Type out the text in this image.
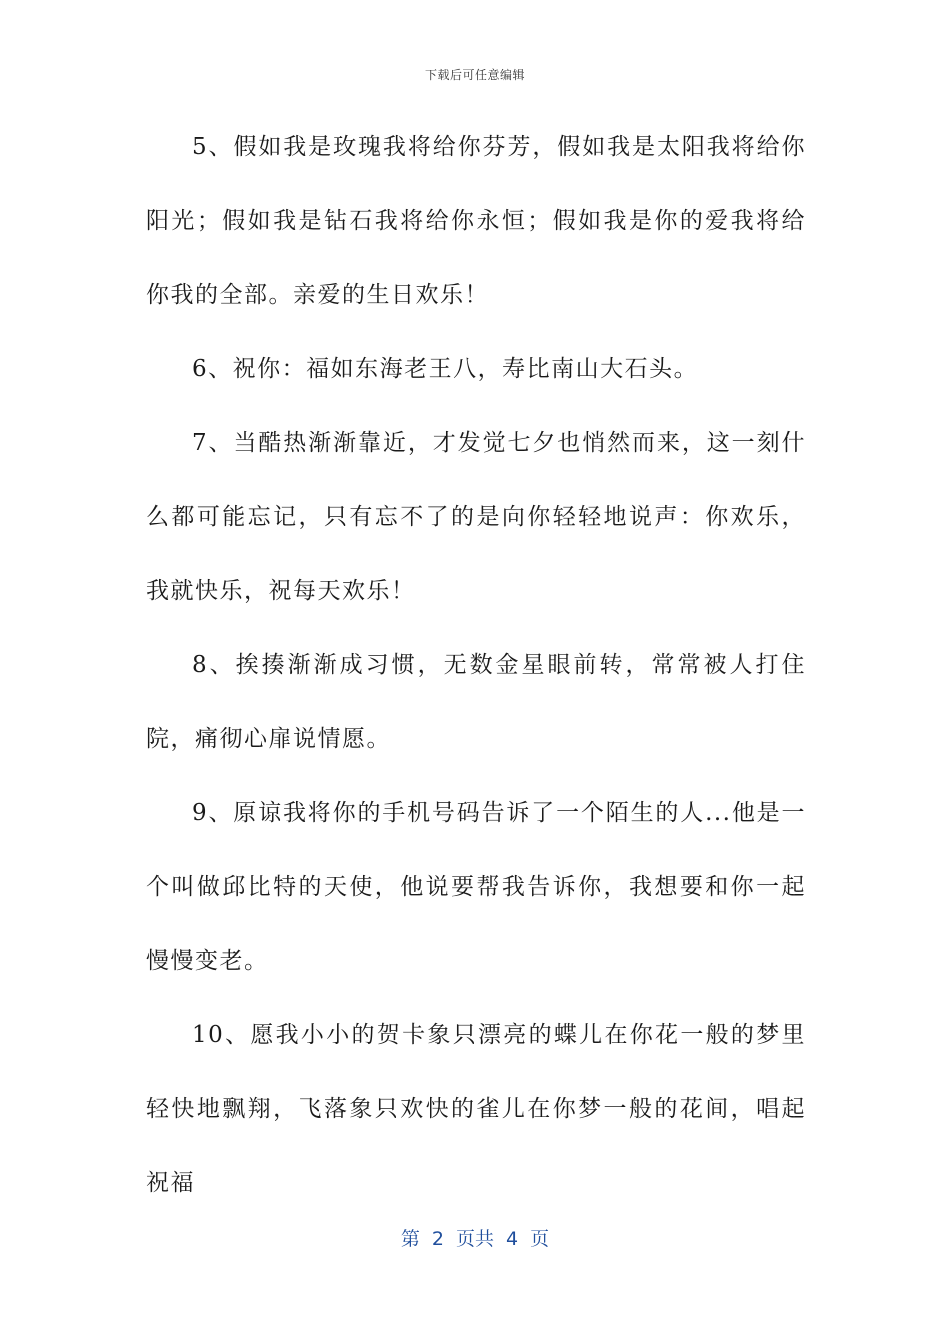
下载后可任意编辑

5、假如我是玫瑰我将给你芬芳，假如我是太阳我将给你阳光；假如我是钻石我将给你永恒；假如我是你的爱我将给你我的全部。亲爱的生日欢乐！

6、祝你：福如东海老王八，寿比南山大石头。

7、当酷热渐渐靠近，才发觉七夕也悄然而来，这一刻什么都可能忘记，只有忘不了的是向你轻轻地说声：你欢乐，我就快乐，祝每天欢乐！

8、挨揍渐渐成习惯，无数金星眼前转，常常被人打住院，痛彻心扉说情愿。

9、原谅我将你的手机号码告诉了一个陌生的人...他是一个叫做邱比特的天使，他说要帮我告诉你，我想要和你一起慢慢变老。

10、愿我小小的贺卡象只漂亮的蝶儿在你花一般的梦里轻快地飘翔，飞落象只欢快的雀儿在你梦一般的花间，唱起祝福

第 2 页共 4 页
